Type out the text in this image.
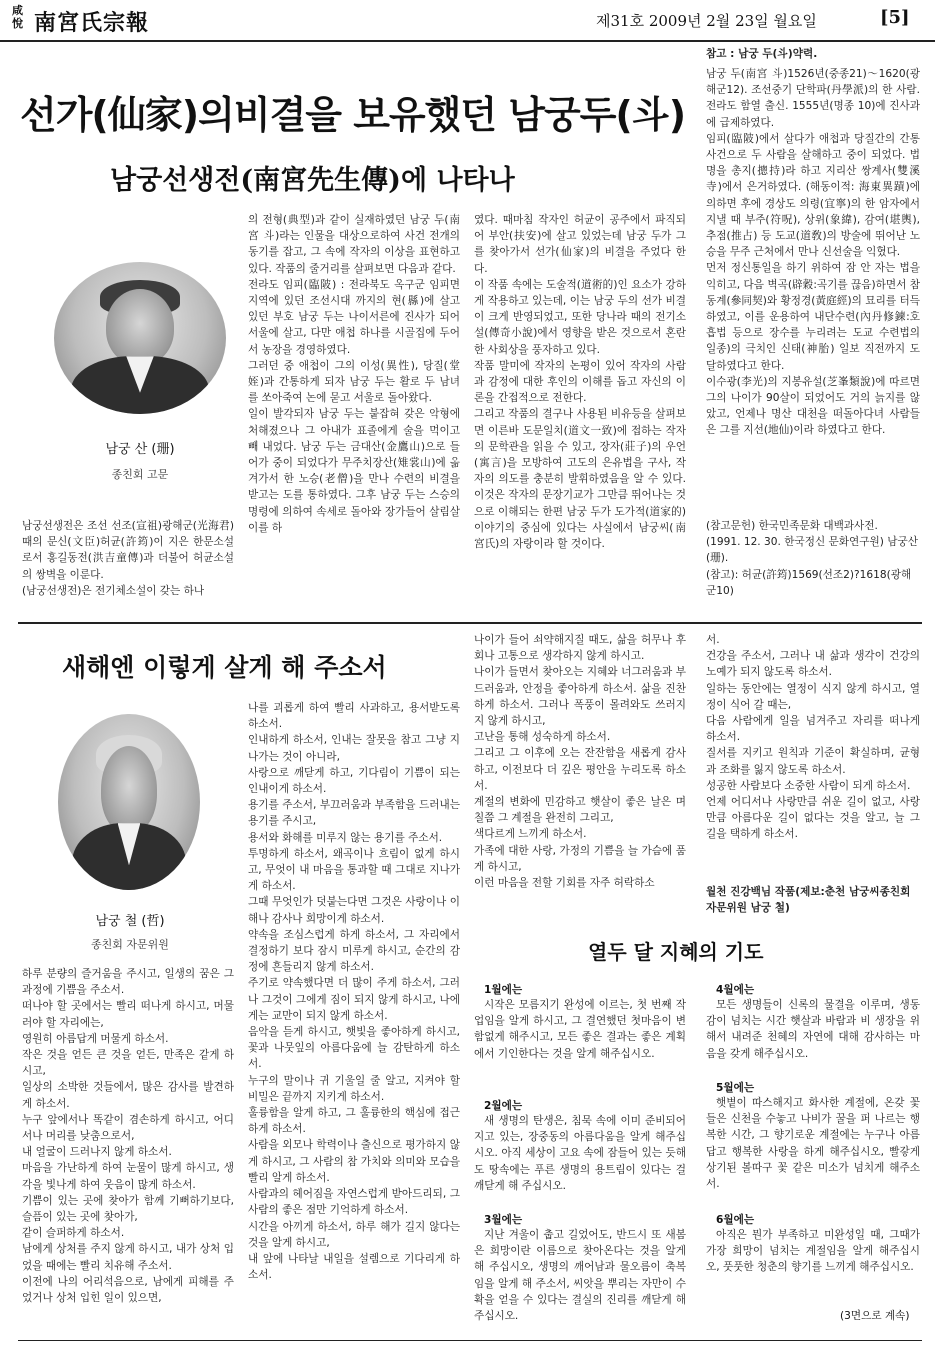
咸悅 南宮氏宗報	제31호 2009년 2월 23일 월요일	[5]
선가(仙家)의비결을 보유했던 남궁두(斗)
남궁선생전(南宮先生傳)에 나타나
남궁 산 (珊)
종친회 고문
남궁선생전은 조선 선조(宣祖)광해군(光海君)때의 문신(文臣)허균(許筠)이 지은 한문소설로서 홍길동전(洪吉童傳)과 더불어 허균소설의 쌍벽을 이룬다.
(남궁선생전)은 전기체소설이 갖는 하나
의 전형(典型)과 같이 실재하였던 남궁 두(南宮 斗)라는 인물을 대상으로하여 사건 전개의 동기를 잡고, 그 속에 작자의 이상을 표현하고 있다. 작품의 줄거리를 살펴보면 다음과 같다.
전라도 임피(臨陂) : 전라북도 옥구군 임피면 지역에 있던 조선시대 까지의 현(縣)에 살고 있던 부호 남궁 두는 나이서른에 진사가 되어 서울에 살고, 다만 애첩 하나를 시골집에 두어서 농장을 경영하였다.
그러던 중 애첩이 그의 이성(異性), 당질(堂姪)과 간통하게 되자 남궁 두는 활로 두 남녀를 쏘아죽여 논에 묻고 서울로 돌아왔다.
일이 발각되자 남궁 두는 붙잡혀 갖은 악형에 처해졌으나 그 아내가 표졸에게 술을 먹이고 빼 내었다. 남궁 두는 금대산(金鷹山)으로 들어가 중이 되었다가 무주치장산(雉裳山)에 옮겨가서 한 노승(老僧)을 만나 수련의 비결을 받고는 도를 통하였다. 그후 남궁 두는 스승의 명령에 의하여 속세로 돌아와 장가들어 살림살이를 하
였다. 때마침 작자인 허균이 공주에서 파직되어 부안(扶安)에 살고 있었는데 남궁 두가 그를 찾아가서 선가(仙家)의 비결을 주었다 한다.
이 작품 속에는 도술적(道術的)인 요소가 강하게 작용하고 있는데, 이는 남궁 두의 선가 비결이 크게 반영되었고, 또한 당나라 때의 전기소설(傳奇小說)에서 영향을 받은 것으로서 혼란한 사회상을 풍자하고 있다.
작품 말미에 작자의 논평이 있어 작자의 사람과 감정에 대한 후인의 이해를 돕고 자신의 이론을 간접적으로 전한다.
그리고 작품의 결구나 사용된 비유등을 살펴보면 이른바 도문일치(道文一致)에 접하는 작자의 문학관을 읽을 수 있고, 장자(莊子)의 우언(寓言)을 모방하여 고도의 은유법을 구사, 작자의 의도를 충분히 발휘하였음을 알 수 있다. 이것은 작자의 문장기교가 그만큼 뛰어나는 것으로 이해되는 한편 남궁 두가 도가적(道家的) 이야기의 중심에 있다는 사실에서 남궁씨(南宮氏)의 자랑이라 할 것이다.
참고 : 남궁 두(斗)약력.
남궁 두(南宮 斗)1526년(중종21)～1620(광해군12). 조선중기 단학파(丹學派)의 한 사람. 전라도 함열 출신. 1555년(명종 10)에 진사과에 급제하였다.
임피(臨陂)에서 살다가 애첩과 당질간의 간통 사건으로 두 사람을 살해하고 중이 되었다. 법명을 총지(摠持)라 하고 지리산 쌍계사(雙溪寺)에서 은거하였다. (해동이적: 海東異蹟)에 의하면 후에 경상도 의령(宜寧)의 한 암자에서 지낼 때 부주(符呪), 상위(象緯), 감여(堪輿), 추점(推占) 등 도교(道敎)의 방술에 뛰어난 노승을 무주 근처에서 만나 신선술을 익혔다.
먼저 정신통일을 하기 위하여 잠 안 자는 법을 익히고, 다음 벽곡(辟穀:곡기를 끊음)하면서 참동계(參同契)와 황정경(黃庭經)의 묘리를 터득하였고, 이를 운용하여 내단수련(內丹修鍊:호흡법 등으로 장수를 누리려는 도교 수련법의 일종)의 극치인 신태(神胎) 일보 직전까지 도달하였다고 한다.
이수광(李光)의 지봉유설(芝峯類說)에 따르면 그의 나이가 90살이 되었어도 거의 늙지를 않았고, 언제나 명산 대천을 떠돌아다녀 사람들은 그를 지선(地仙)이라 하였다고 한다.
(참고문헌) 한국민족문화 대백과사전.
(1991. 12. 30. 한국정신 문화연구원) 남궁산(珊).
(참고): 허균(許筠)1569(선조2)?1618(광해군10)
새해엔 이렇게 살게 해 주소서
남궁 철 (哲)
종친회 자문위원
하루 분량의 즐거움을 주시고, 일생의 꿈은 그 과정에 기쁨을 주소서.
떠나야 할 곳에서는 빨리 떠나게 하시고, 머물러야 할 자리에는,
영원히 아름답게 머물게 하소서.
작은 것을 얻든 큰 것을 얻든, 만족은 같게 하시고,
일상의 소박한 것들에서, 많은 감사를 발견하게 하소서.
누구 앞에서나 똑같이 겸손하게 하시고, 어디서나 머리를 낮춤으로서,
내 얼굴이 드러나지 않게 하소서.
마음을 가난하게 하여 눈물이 많게 하시고, 생각을 빛나게 하여 웃음이 많게 하소서.
기쁨이 있는 곳에 찾아가 함께 기뻐하기보다, 슬픔이 있는 곳에 찾아가,
같이 슬퍼하게 하소서.
남에게 상처를 주지 않게 하시고, 내가 상처 입었을 때에는 빨리 치유해 주소서.
이전에 나의 어리석음으로, 남에게 피해를 주었거나 상처 입힌 일이 있으면,
나를 괴롭게 하여 빨리 사과하고, 용서받도록 하소서.
인내하게 하소서, 인내는 잘못을 참고 그냥 지나가는 것이 아니라,
사랑으로 깨닫게 하고, 기다림이 기쁨이 되는 인내이게 하소서.
용기를 주소서, 부끄러움과 부족함을 드러내는 용기를 주시고,
용서와 화해를 미루지 않는 용기를 주소서.
투명하게 하소서, 왜곡이나 흐림이 없게 하시고, 무엇이 내 마음을 통과할 때 그대로 지나가게 하소서.
그때 무엇인가 덧붙는다면 그것은 사랑이나 이해나 감사나 희망이게 하소서.
약속을 조심스럽게 하게 하소서, 그 자리에서 결정하기 보다 잠시 미루게 하시고, 순간의 감정에 흔들리지 않게 하소서.
주기로 약속했다면 더 많이 주게 하소서, 그러나 그것이 그에게 짐이 되지 않게 하시고, 나에게는 교만이 되지 않게 하소서.
음악을 듣게 하시고, 햇빛을 좋아하게 하시고, 꽃과 나뭇잎의 아름다움에 늘 감탄하게 하소서.
누구의 말이나 귀 기울일 줄 알고, 지켜야 할 비밀은 끝까지 지키게 하소서.
훌륭함을 알게 하고, 그 훌륭한의 핵심에 접근하게 하소서.
사람을 외모나 학력이나 출신으로 평가하지 않게 하시고, 그 사람의 참 가치와 의미와 모습을 빨리 알게 하소서.
사람과의 헤어짐을 자연스럽게 받아드리되, 그 사람의 좋은 점만 기억하게 하소서.
시간을 아끼게 하소서, 하루 해가 길지 않다는 것을 알게 하시고,
내 앞에 나타날 내일을 설렘으로 기다리게 하소서.
나이가 들어 쇠약해지질 때도, 삶을 허무나 후회나 고통으로 생각하지 않게 하시고.
나이가 들면서 찾아오는 지혜와 너그러움과 부드러움과, 안정을 좋아하게 하소서. 삶을 진찬하게 하소서. 그러나 폭풍이 몰려와도 쓰러지지 않게 하시고,
고난을 통해 성숙하게 하소서.
그리고 그 이후에 오는 잔잔함을 새롭게 감사하고, 이전보다 더 깊은 평안을 누리도록 하소서.
계절의 변화에 민감하고 햇살이 좋은 날은 며칠쯤 그 계절을 완전히 그리고,
색다르게 느끼게 하소서.
가족에 대한 사랑, 가정의 기쁨을 늘 가슴에 품게 하시고,
이런 마음을 전할 기회를 자주 허락하소
서.
건강을 주소서, 그러나 내 삶과 생각이 건강의 노예가 되지 않도록 하소서.
일하는 동안에는 열정이 식지 않게 하시고, 열정이 식어 갈 때는,
다음 사람에게 일을 넘겨주고 자리를 떠나게 하소서.
질서를 지키고 원칙과 기준이 확실하며, 균형과 조화를 잃지 않도록 하소서.
성공한 사람보다 소중한 사람이 되게 하소서.
언제 어디서나 사랑만큼 쉬운 길이 없고, 사랑만큼 아름다운 길이 없다는 것을 알고, 늘 그 길을 택하게 하소서.
월천 진강백님 작품(제보:춘천 남궁씨종친회 자문위원 남궁 철)
열두 달 지혜의 기도
1월에는
시작은 모름지기 완성에 이르는, 첫 번째 작업임을 알게 하시고, 그 결연했던 첫마음이 변함없게 해주시고, 모든 좋은 결과는 좋은 계획에서 기인한다는 것을 알게 해주십시오.
2월에는
새 생명의 탄생은, 침묵 속에 이미 준비되어지고 있는, 장중동의 아름다움을 알게 해주십시오. 아직 세상이 고요 속에 잠들어 있는 듯해도 땅속에는 푸른 생명의 용트림이 있다는 걸 깨닫게 해 주십시오.
3월에는
지난 겨울이 춥고 길었어도, 반드시 또 새봄은 희망이란 이름으로 찾아온다는 것을 알게 해 주십시오, 생명의 깨어남과 물오름이 축복임을 알게 해 주소서, 씨앗을 뿌리는 자만이 수확을 얻을 수 있다는 결실의 진리를 깨닫게 해 주십시오.
4월에는
모든 생명들이 신록의 물결을 이루며, 생동감이 넘치는 시간 햇살과 바람과 비 생장을 위해서 내려준 천혜의 자연에 대해 감사하는 마음을 갖게 해주십시오.
5월에는
햇볕이 따스해지고 화사한 계절에, 온갖 꽃들은 신천을 수놓고 나비가 꿀을 퍼 나르는 행복한 시간, 그 향기로운 계절에는 누구나 아름답고 행복한 사랑을 하게 해주십시오, 빨갛게 상기된 볼따구 꽃 같은 미소가 넘치게 해주소서.
6월에는
아직은 뭔가 부족하고 미완성일 때, 그때가 가장 희망이 넘치는 계절임을 알게 해주십시오, 풋풋한 청춘의 향기를 느끼게 해주십시오.
(3면으로 계속)
